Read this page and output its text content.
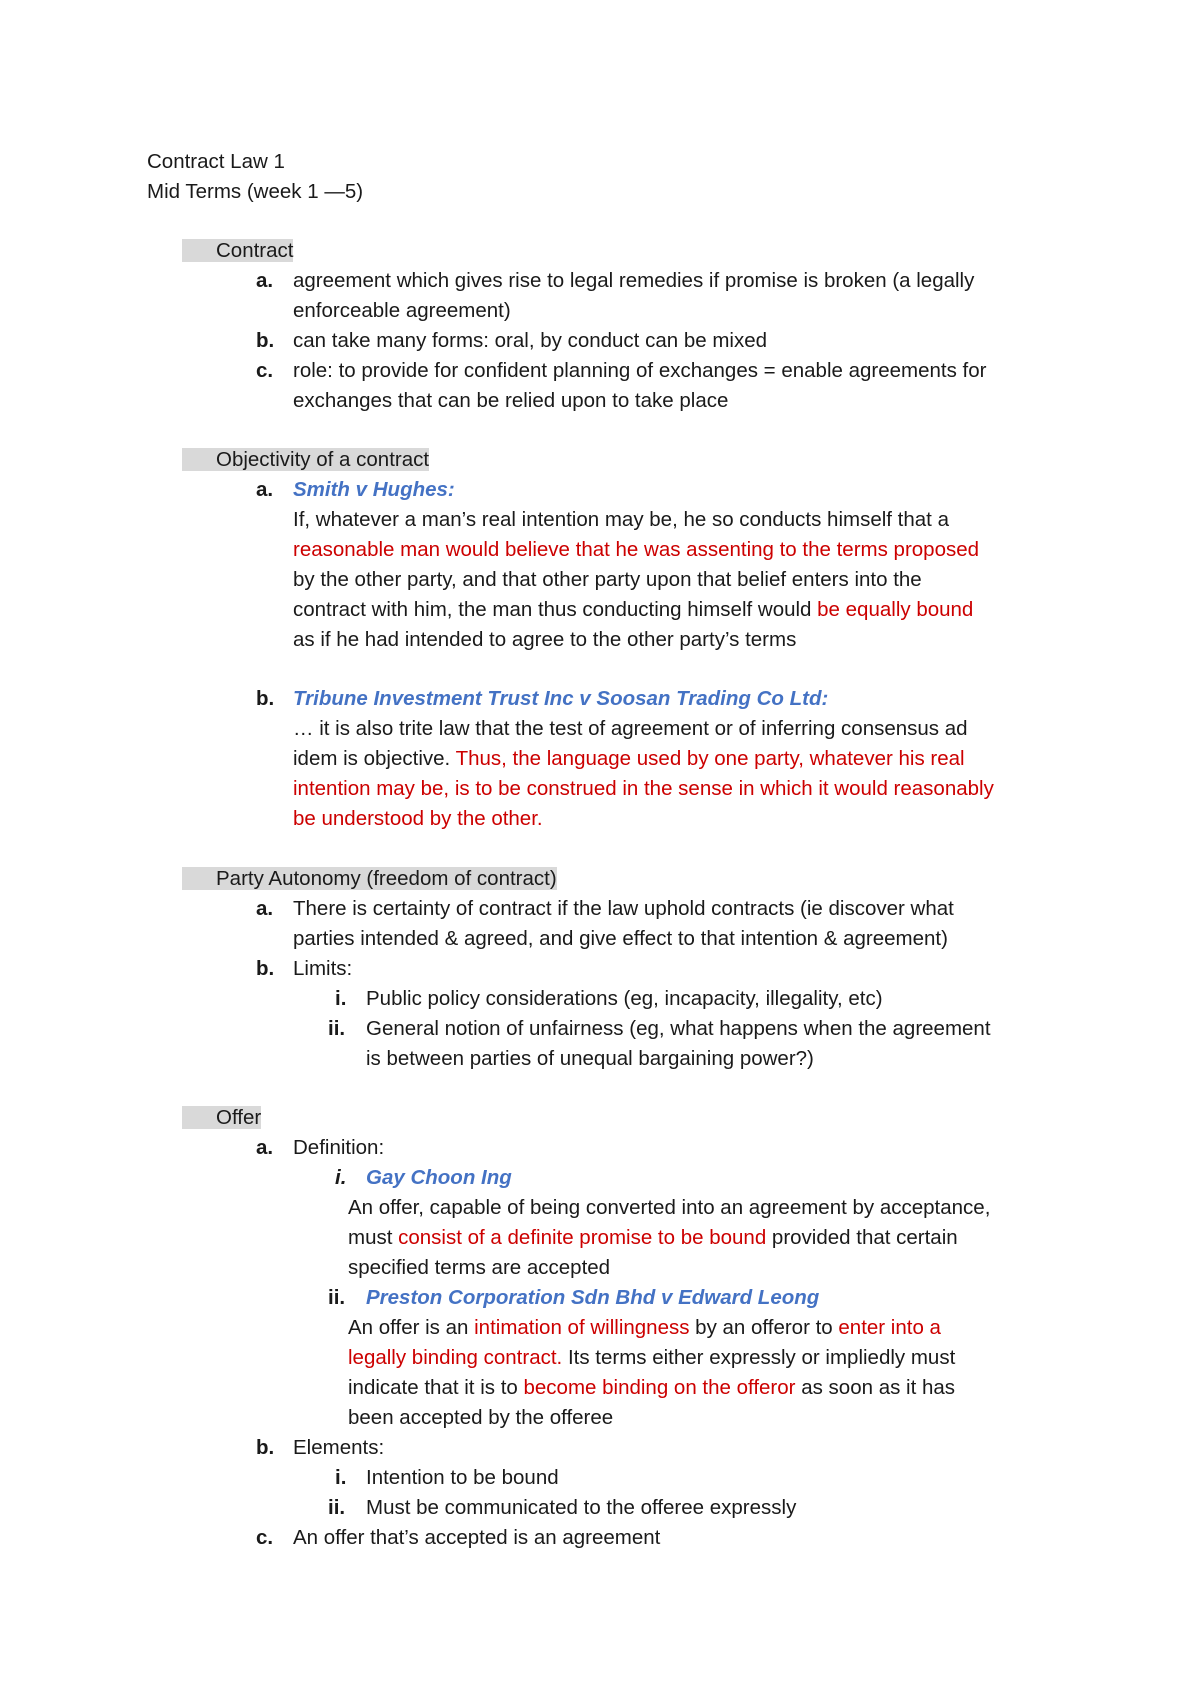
Contract Law 1
Mid Terms (week 1 —5)
Contract
a. agreement which gives rise to legal remedies if promise is broken (a legally
enforceable agreement)
b. can take many forms: oral, by conduct can be mixed
c. role: to provide for confident planning of exchanges = enable agreements for
exchanges that can be relied upon to take place
Objectivity of a contract
a. Smith v Hughes:
If, whatever a man’s real intention may be, he so conducts himself that a
reasonable man would believe that he was assenting to the terms proposed
by the other party, and that other party upon that belief enters into the
contract with him, the man thus conducting himself would be equally bound
as if he had intended to agree to the other party’s terms
b. Tribune Investment Trust Inc v Soosan Trading Co Ltd:
… it is also trite law that the test of agreement or of inferring consensus ad
idem is objective. Thus, the language used by one party, whatever his real
intention may be, is to be construed in the sense in which it would reasonably
be understood by the other.
Party Autonomy (freedom of contract)
a. There is certainty of contract if the law uphold contracts (ie discover what
parties intended & agreed, and give effect to that intention & agreement)
b. Limits:
i. Public policy considerations (eg, incapacity, illegality, etc)
ii. General notion of unfairness (eg, what happens when the agreement
is between parties of unequal bargaining power?)
Offer
a. Definition:
i. Gay Choon Ing
An offer, capable of being converted into an agreement by acceptance,
must consist of a definite promise to be bound provided that certain
specified terms are accepted
ii. Preston Corporation Sdn Bhd v Edward Leong
An offer is an intimation of willingness by an offeror to enter into a
legally binding contract. Its terms either expressly or impliedly must
indicate that it is to become binding on the offeror as soon as it has
been accepted by the offeree
b. Elements:
i. Intention to be bound
ii. Must be communicated to the offeree expressly
c. An offer that’s accepted is an agreement
